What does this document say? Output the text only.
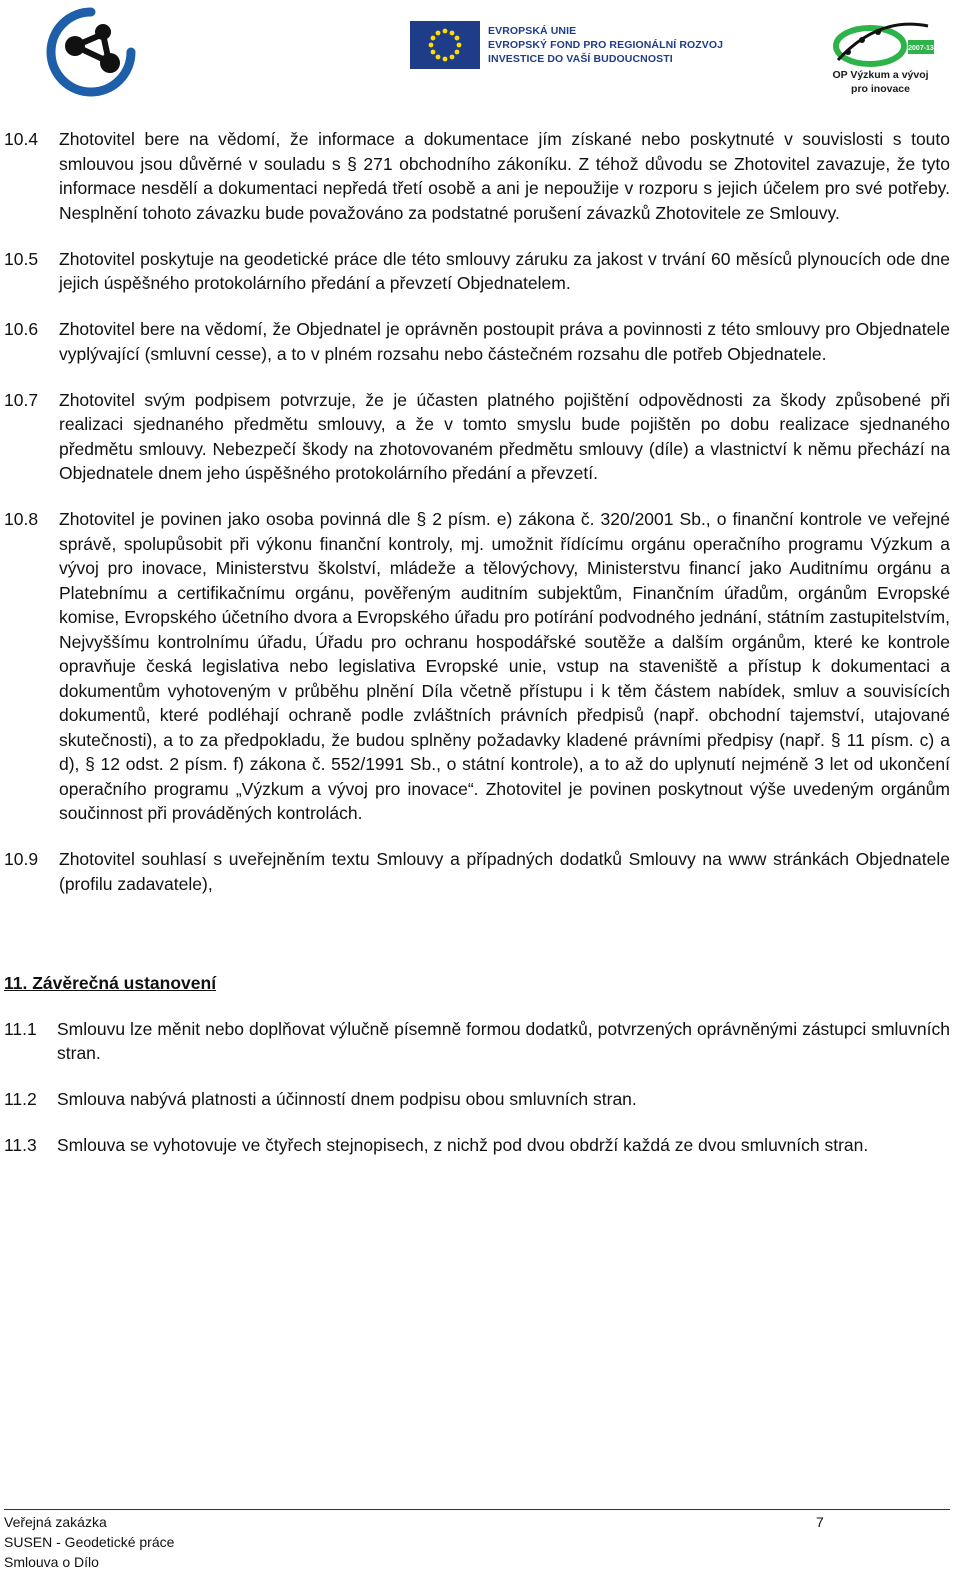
EVROPSKÁ UNIE
EVROPSKÝ FOND PRO REGIONÁLNÍ ROZVOJ
INVESTICE DO VAŠÍ BUDOUCNOSTI
2007-13
OP Výzkum a vývoj
pro inovace
10.4	Zhotovitel bere na vědomí, že informace a dokumentace jím získané nebo poskytnuté v souvislosti s touto smlouvou jsou důvěrné v souladu s § 271 obchodního zákoníku. Z téhož důvodu se Zhotovitel zavazuje, že tyto informace nesdělí a dokumentaci nepředá třetí osobě a ani je nepoužije v rozporu s jejich účelem pro své potřeby. Nesplnění tohoto závazku bude považováno za podstatné porušení závazků Zhotovitele ze Smlouvy.
10.5	Zhotovitel poskytuje na geodetické práce dle této smlouvy záruku za jakost v trvání 60 měsíců plynoucích ode dne jejich úspěšného protokolárního předání a převzetí Objednatelem.
10.6	Zhotovitel bere na vědomí, že Objednatel je oprávněn postoupit práva a povinnosti z této smlouvy pro Objednatele vyplývající (smluvní cesse), a to v plném rozsahu nebo částečném rozsahu dle potřeb Objednatele.
10.7	Zhotovitel svým podpisem potvrzuje, že je účasten platného pojištění odpovědnosti za škody způsobené při realizaci sjednaného předmětu smlouvy, a že v tomto smyslu bude pojištěn po dobu realizace sjednaného předmětu smlouvy. Nebezpečí škody na zhotovovaném předmětu smlouvy (díle) a vlastnictví k němu přechází na Objednatele dnem jeho úspěšného protokolárního předání a převzetí.
10.8	Zhotovitel je povinen jako osoba povinná dle § 2 písm. e) zákona č. 320/2001 Sb., o finanční kontrole ve veřejné správě, spolupůsobit při výkonu finanční kontroly, mj. umožnit řídícímu orgánu operačního programu Výzkum a vývoj pro inovace, Ministerstvu školství, mládeže a tělovýchovy, Ministerstvu financí jako Auditnímu orgánu a Platebnímu a certifikačnímu orgánu, pověřeným auditním subjektům, Finančním úřadům, orgánům Evropské komise, Evropského účetního dvora a Evropského úřadu pro potírání podvodného jednání, státním zastupitelstvím, Nejvyššímu kontrolnímu úřadu, Úřadu pro ochranu hospodářské soutěže a dalším orgánům, které ke kontrole opravňuje česká legislativa nebo legislativa Evropské unie, vstup na staveniště a přístup k dokumentaci a dokumentům vyhotoveným v průběhu plnění Díla včetně přístupu i k těm částem nabídek, smluv a souvisících dokumentů, které podléhají ochraně podle zvláštních právních předpisů (např. obchodní tajemství, utajované skutečnosti), a to za předpokladu, že budou splněny požadavky kladené právními předpisy (např. § 11 písm. c) a d), § 12 odst. 2 písm. f) zákona č. 552/1991 Sb., o státní kontrole), a to až do uplynutí nejméně 3 let od ukončení operačního programu „Výzkum a vývoj pro inovace“. Zhotovitel je povinen poskytnout výše uvedeným orgánům součinnost při prováděných kontrolách.
10.9	Zhotovitel souhlasí s uveřejněním textu Smlouvy a případných dodatků Smlouvy na www stránkách Objednatele (profilu zadavatele),
11. Závěrečná ustanovení
11.1	Smlouvu lze měnit nebo doplňovat výlučně písemně formou dodatků, potvrzených oprávněnými zástupci smluvních stran.
11.2	Smlouva nabývá platnosti a účinností dnem podpisu obou smluvních stran.
11.3	Smlouva se vyhotovuje ve čtyřech stejnopisech, z nichž pod dvou obdrží každá ze dvou smluvních stran.
Veřejná zakázka
SUSEN - Geodetické práce
Smlouva o Dílo
7
